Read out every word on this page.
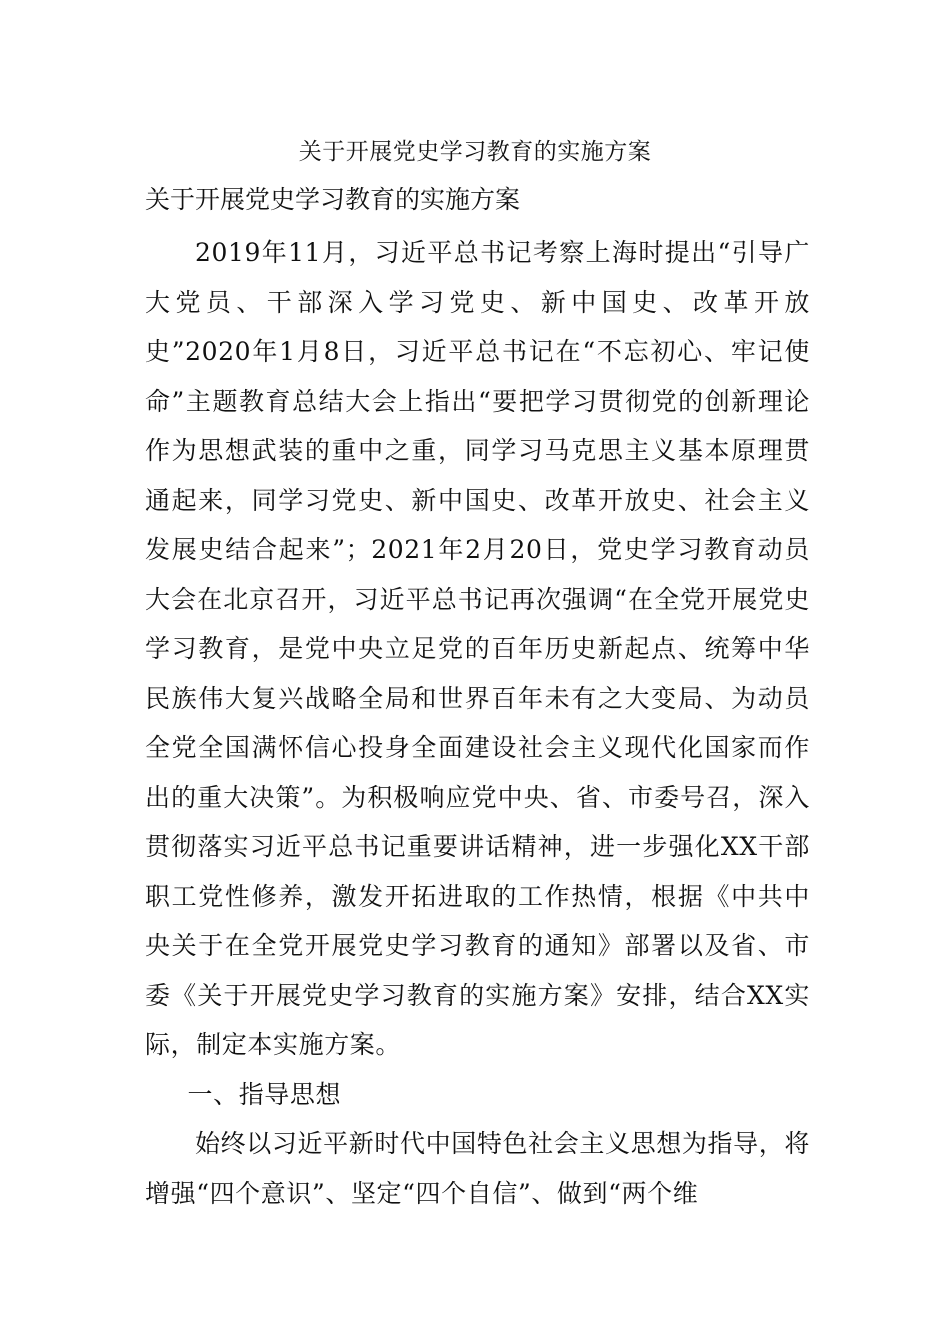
关于开展党史学习教育的实施方案
关于开展党史学习教育的实施方案

2019年11月，习近平总书记考察上海时提出“引导广大党员、干部深入学习党史、新中国史、改革开放史”2020年1月8日，习近平总书记在“不忘初心、牢记使命”主题教育总结大会上指出“要把学习贯彻党的创新理论作为思想武装的重中之重，同学习马克思主义基本原理贯通起来，同学习党史、新中国史、改革开放史、社会主义发展史结合起来”；2021年2月20日，党史学习教育动员大会在北京召开，习近平总书记再次强调“在全党开展党史学习教育，是党中央立足党的百年历史新起点、统筹中华民族伟大复兴战略全局和世界百年未有之大变局、为动员全党全国满怀信心投身全面建设社会主义现代化国家而作出的重大决策”。为积极响应党中央、省、市委号召，深入贯彻落实习近平总书记重要讲话精神，进一步强化XX干部职工党性修养，激发开拓进取的工作热情，根据《中共中央关于在全党开展党史学习教育的通知》部署以及省、市委《关于开展党史学习教育的实施方案》安排，结合XX实际，制定本实施方案。

一、指导思想

始终以习近平新时代中国特色社会主义思想为指导，将增强“四个意识”、坚定“四个自信”、做到“两个维
